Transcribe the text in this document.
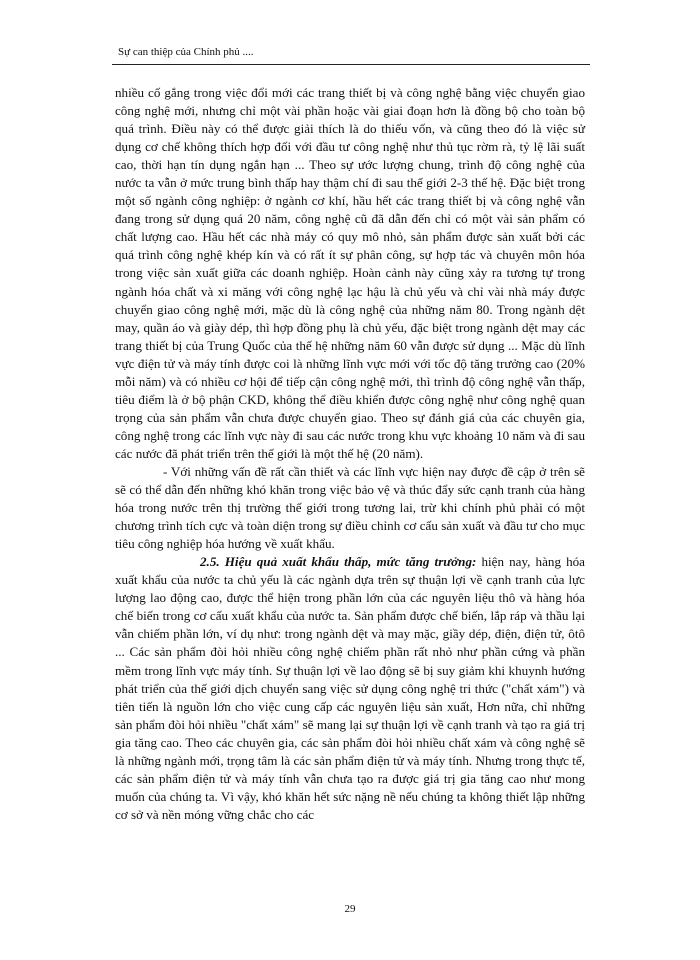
Sự can thiệp của Chính phủ ....

nhiều cố gắng trong việc đổi mới các trang thiết bị và công nghệ bằng việc chuyển giao công nghệ mới, nhưng chỉ một vài phần hoặc vài giai đoạn hơn là đồng bộ cho toàn bộ quá trình. Điều này có thể được giải thích là do thiếu vốn, và cũng theo đó là việc sử dụng cơ chế không thích hợp đối với đầu tư công nghệ như thủ tục rờm rà, tỷ lệ lãi suất cao, thời hạn tín dụng ngắn hạn ... Theo sự ước lượng chung, trình độ công nghệ của nước ta vẫn ở mức trung bình thấp hay thậm chí đi sau thế giới 2-3 thế hệ. Đặc biệt trong một số ngành công nghiệp: ở ngành cơ khí, hầu hết các trang thiết bị và công nghệ vẫn đang trong sử dụng quá 20 năm, công nghệ cũ đã dẫn đến chỉ có một vài sản phẩm có chất lượng cao. Hầu hết các nhà máy có quy mô nhỏ, sản phẩm được sản xuất bởi các quá trình công nghệ khép kín và có rất ít sự phân công, sự hợp tác và chuyên môn hóa trong việc sản xuất giữa các doanh nghiệp. Hoàn cảnh này cũng xảy ra tương tự trong ngành hóa chất và xi măng với công nghệ lạc hậu là chủ yếu và chỉ vài nhà máy được chuyển giao công nghệ mới, mặc dù là công nghệ của những năm 80. Trong ngành dệt may, quần áo và giày dép, thì hợp đồng phụ là chủ yếu, đặc biệt trong ngành dệt may các trang thiết bị của Trung Quốc của thế hệ những năm 60 vẫn được sử dụng ... Mặc dù lĩnh vực điện tử và máy tính được coi là những lĩnh vực mới với tốc độ tăng trưởng cao (20% mỗi năm) và có nhiều cơ hội để tiếp cận công nghệ mới, thì trình độ công nghệ vẫn thấp, tiêu điểm là ở bộ phận CKD, không thể điều khiển được công nghệ như công nghệ quan trọng của sản phẩm vẫn chưa được chuyển giao. Theo sự đánh giá của các chuyên gia, công nghệ trong các lĩnh vực này đi sau các nước trong khu vực khoảng 10 năm và đi sau các nước đã phát triển trên thế giới là một thế hệ (20 năm).

- Với những vấn đề rất cần thiết và các lĩnh vực hiện nay được đề cập ở trên sẽ sẽ có thể dẫn đến những khó khăn trong việc bảo vệ và thúc đẩy sức cạnh tranh của hàng hóa trong nước trên thị trường thế giới trong tương lai, trừ khi chính phủ phải có một chương trình tích cực và toàn diện trong sự điều chỉnh cơ cấu sản xuất và đầu tư cho mục tiêu công nghiệp hóa hướng về xuất khẩu.

2.5. Hiệu quả xuất khẩu thấp, mức tăng trưởng: hiện nay, hàng hóa xuất khẩu của nước ta chủ yếu là các ngành dựa trên sự thuận lợi về cạnh tranh của lực lượng lao động cao, được thể hiện trong phần lớn của các nguyên liệu thô và hàng hóa chế biến trong cơ cấu xuất khẩu của nước ta. Sản phẩm được chế biến, lắp ráp và thầu lại vẫn chiếm phần lớn, ví dụ như: trong ngành dệt và may mặc, giầy dép, điện, điện tử, ôtô ... Các sản phẩm đòi hỏi nhiều công nghệ chiếm phần rất nhỏ như phần cứng và phần mềm trong lĩnh vực máy tính. Sự thuận lợi về lao động sẽ bị suy giảm khi khuynh hướng phát triển của thế giới dịch chuyển sang việc sử dụng công nghệ tri thức ("chất xám") và tiên tiến là nguồn lớn cho việc cung cấp các nguyên liệu sản xuất, Hơn nữa, chỉ những sản phẩm đòi hỏi nhiều "chất xám" sẽ mang lại sự thuận lợi về cạnh tranh và tạo ra giá trị gia tăng cao. Theo các chuyên gia, các sản phẩm đòi hỏi nhiều chất xám và công nghệ sẽ là những ngành mới, trọng tâm là các sản phẩm điện tử và máy tính. Nhưng trong thực tế, các sản phẩm điện tử và máy tính vẫn chưa tạo ra được giá trị gia tăng cao như mong muốn của chúng ta. Vì vậy, khó khăn hết sức nặng nề nếu chúng ta không thiết lập những cơ sở và nền móng vững chắc cho các

29
